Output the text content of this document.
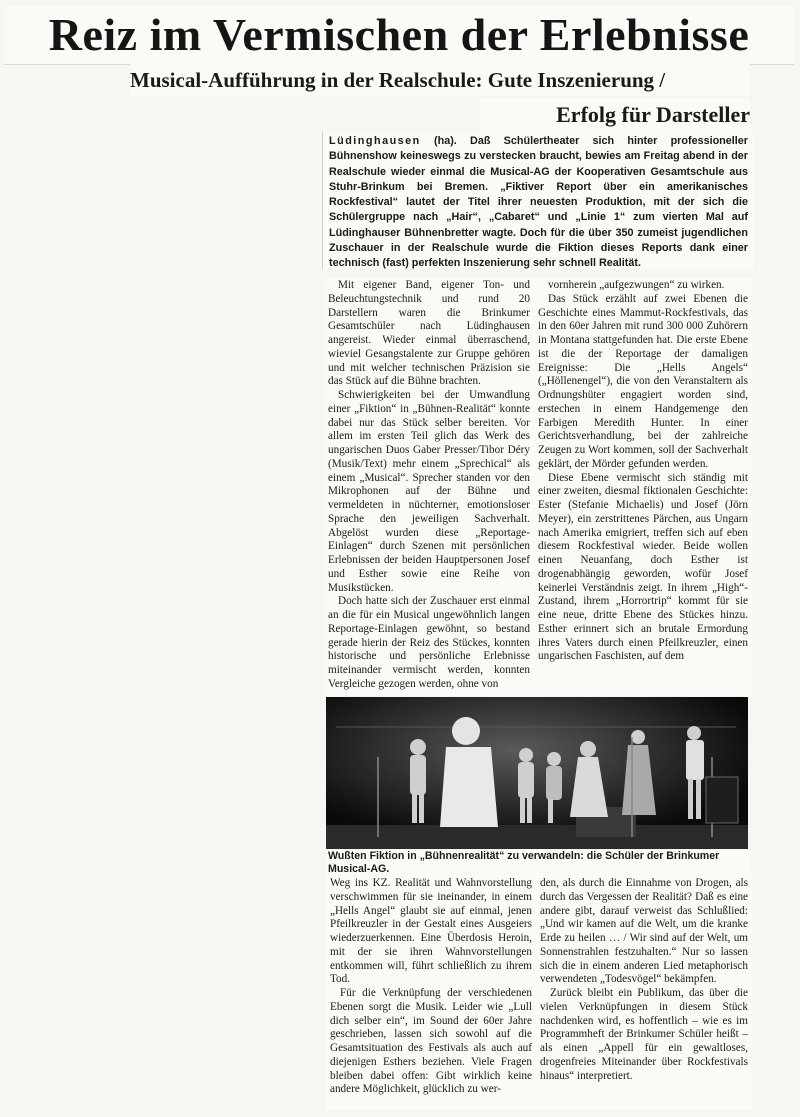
Reiz im Vermischen der Erlebnisse
Musical-Aufführung in der Realschule: Gute Inszenierung /
Erfolg für Darsteller
Lüdinghausen (ha). Daß Schülertheater sich hinter professioneller Bühnenshow keineswegs zu verstecken braucht, bewies am Freitag abend in der Realschule wieder einmal die Musical-AG der Kooperativen Gesamtschule aus Stuhr-Brinkum bei Bremen. „Fiktiver Report über ein amerikanisches Rockfestival“ lautet der Titel ihrer neuesten Produktion, mit der sich die Schülergruppe nach „Hair“, „Cabaret“ und „Linie 1“ zum vierten Mal auf Lüdinghauser Bühnenbretter wagte. Doch für die über 350 zumeist jugendlichen Zuschauer in der Realschule wurde die Fiktion dieses Reports dank einer technisch (fast) perfekten Inszenierung sehr schnell Realität.

Mit eigener Band, eigener Ton- und Beleuchtungstechnik und rund 20 Darstellern waren die Brinkumer Gesamtschüler nach Lüdinghausen angereist. Wieder einmal überraschend, wieviel Gesangstalente zur Gruppe gehören und mit welcher technischen Präzision sie das Stück auf die Bühne brachten.

Schwierigkeiten bei der Umwandlung einer „Fiktion“ in „Bühnen-Realität“ konnte dabei nur das Stück selber bereiten. Vor allem im ersten Teil glich das Werk des ungarischen Duos Gaber Presser/Tibor Déry (Musik/Text) mehr einem „Sprechical“ als einem „Musical“. Sprecher standen vor den Mikrophonen auf der Bühne und vermeldeten in nüchterner, emotionsloser Sprache den jeweiligen Sachverhalt. Abgelöst wurden diese „Reportage-Einlagen“ durch Szenen mit persönlichen Erlebnissen der beiden Hauptpersonen Josef und Esther sowie eine Reihe von Musikstücken.

Doch hatte sich der Zuschauer erst einmal an die für ein Musical ungewöhnlich langen Reportage-Einlagen gewöhnt, so bestand gerade hierin der Reiz des Stückes, konnten historische und persönliche Erlebnisse miteinander vermischt werden, konnten Vergleiche gezogen werden, ohne von

vornherein „aufgezwungen“ zu wirken.

Das Stück erzählt auf zwei Ebenen die Geschichte eines Mammut-Rockfestivals, das in den 60er Jahren mit rund 300 000 Zuhörern in Montana stattgefunden hat. Die erste Ebene ist die der Reportage der damaligen Ereignisse: Die „Hells Angels“ („Höllenengel“), die von den Veranstaltern als Ordnungshüter engagiert worden sind, erstechen in einem Handgemenge den Farbigen Meredith Hunter. In einer Gerichtsverhandlung, bei der zahlreiche Zeugen zu Wort kommen, soll der Sachverhalt geklärt, der Mörder gefunden werden.

Diese Ebene vermischt sich ständig mit einer zweiten, diesmal fiktionalen Geschichte: Ester (Stefanie Michaelis) und Josef (Jörn Meyer), ein zerstrittenes Pärchen, aus Ungarn nach Amerika emigriert, treffen sich auf eben diesem Rockfestival wieder. Beide wollen einen Neuanfang, doch Esther ist drogenabhängig geworden, wofür Josef keinerlei Verständnis zeigt. In ihrem „High“-Zustand, ihrem „Horrortrip“ kommt für sie eine neue, dritte Ebene des Stückes hinzu. Esther erinnert sich an brutale Ermordung ihres Vaters durch einen Pfeilkreuzler, einen ungarischen Faschisten, auf dem

Wußten Fiktion in „Bühnenrealität“ zu verwandeln: die Schüler der Brinkumer Musical-AG.

Weg ins KZ. Realität und Wahnvorstellung verschwimmen für sie ineinander, in einem „Hells Angel“ glaubt sie auf einmal, jenen Pfeilkreuzler in der Gestalt eines Ausgeiers wiederzuerkennen. Eine Überdosis Heroin, mit der sie ihren Wahnvorstellungen entkommen will, führt schließlich zu ihrem Tod.

Für die Verknüpfung der verschiedenen Ebenen sorgt die Musik. Leider wie „Lull dich selber ein“, im Sound der 60er Jahre geschrieben, lassen sich sowohl auf die Gesamtsituation des Festivals als auch auf diejenigen Esthers beziehen. Viele Fragen bleiben dabei offen: Gibt wirklich keine andere Möglichkeit, glücklich zu wer-

den, als durch die Einnahme von Drogen, als durch das Vergessen der Realität? Daß es eine andere gibt, darauf verweist das Schlußlied: „Und wir kamen auf die Welt, um die kranke Erde zu heilen … / Wir sind auf der Welt, um Sonnenstrahlen festzuhalten.“ Nur so lassen sich die in einem anderen Lied metaphorisch verwendeten „Todesvögel“ bekämpfen.

Zurück bleibt ein Publikum, das über die vielen Verknüpfungen in diesem Stück nachdenken wird, es hoffentlich – wie es im Programmheft der Brinkumer Schüler heißt – als einen „Appell für ein gewaltloses, drogenfreies Miteinander über Rockfestivals hinaus“ interpretiert.
